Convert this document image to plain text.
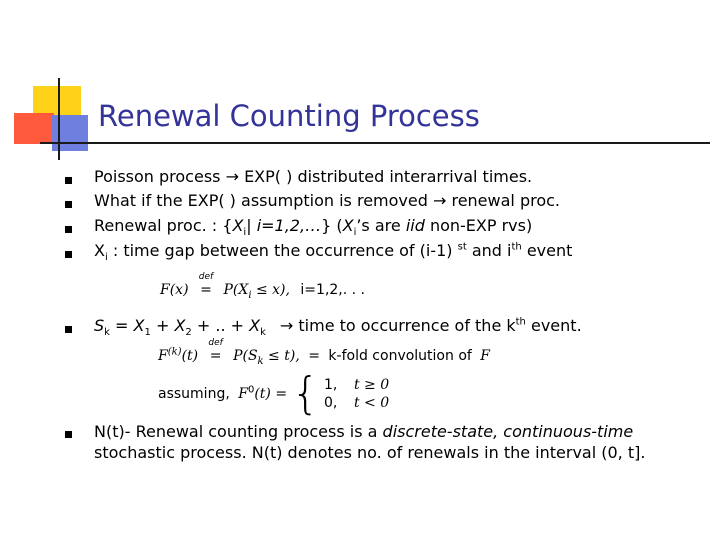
Renewal Counting Process
Poisson process → EXP( ) distributed interarrival times.
What if the EXP( ) assumption is removed → renewal proc.
Renewal proc. : {$X_i|$ i=1,2,…} ($X_i’s$ are iid non-EXP rvs)
$X_i$ : time gap between the occurrence of (i-1) $^{st}$ and $i^{th}$ event
F(x)
def
= $P(X_i \le x)$, i=1,2,. . .
$S_k = X_1 + X_2$ + .. + $X_k$ → time to occurrence of the $k^{th}$ event.
$F^{(k)}(t)$
def
= $P(S_k \le t)$, = k-fold convolution of F
assuming, $F^0(t)$ = { 1, t ≥ 0
0, t < 0
N(t)- Renewal counting process is a discrete-state, continuous-time stochastic process. N(t) denotes no. of renewals in the interval (0, t].
